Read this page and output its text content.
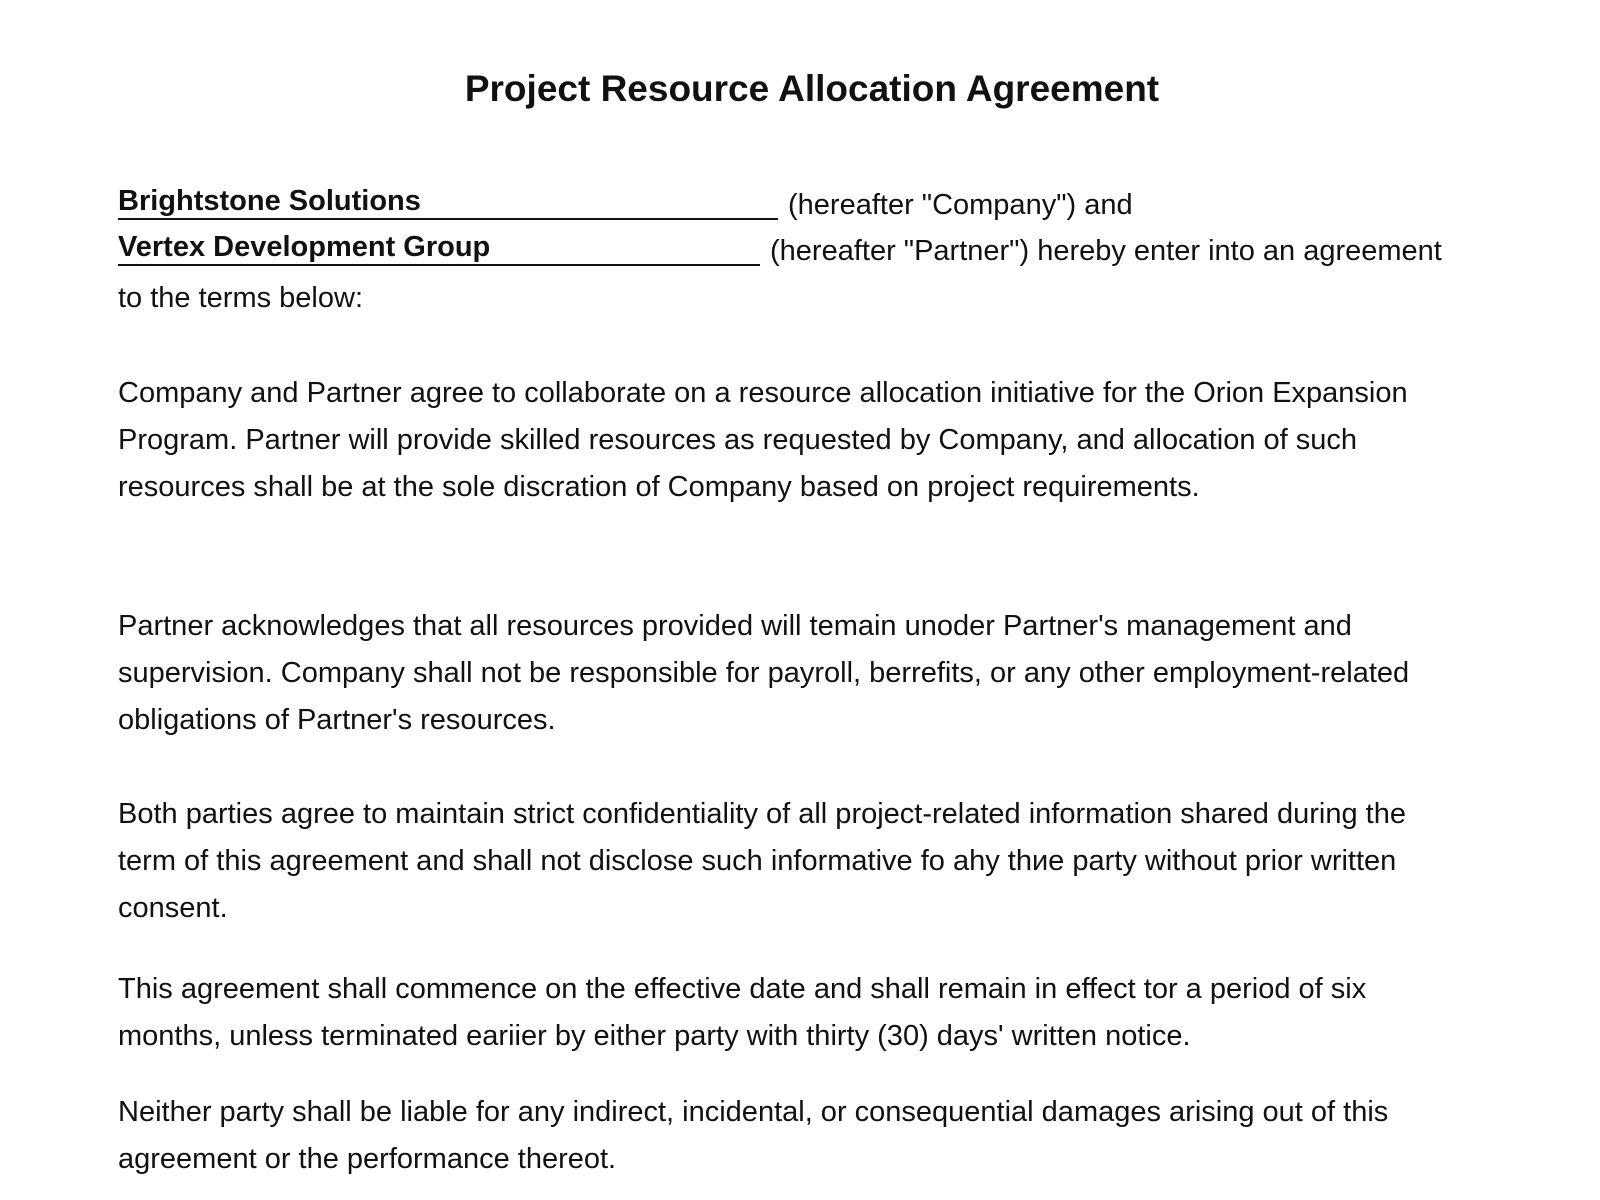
Project Resource Allocation Agreement
Brightstone Solutions	(hereafter "Company") and
Vertex Development Group	(hereafter "Partner") hereby enter into an agreement
to the terms below:

Company and Partner agree to collaborate on a resource allocation initiative for the Orion Expansion Program. Partner will provide skilled resources as requested by Company, and allocation of such resources shall be at the sole discration of Company based on project requirements.

Partner acknowledges that all resources provided will temain unoder Partner's management and supervision. Company shall not be responsible for payroll, berrefits, or any other employment-related obligations of Partner's resources.

Both parties agree to maintain strict confidentiality of all project-related information shared during the term of this agreement and shall not disclose such informative fo ahy thиe party without prior written consent.

This agreement shall commence on the effective date and shall remain in effect tor a period of six months, unless terminated eariier by either party with thirty (30) days' written notice.

Neither party shall be liable for any indirect, incidental, or consequential damages arising out of this agreement or the performance thereot.
